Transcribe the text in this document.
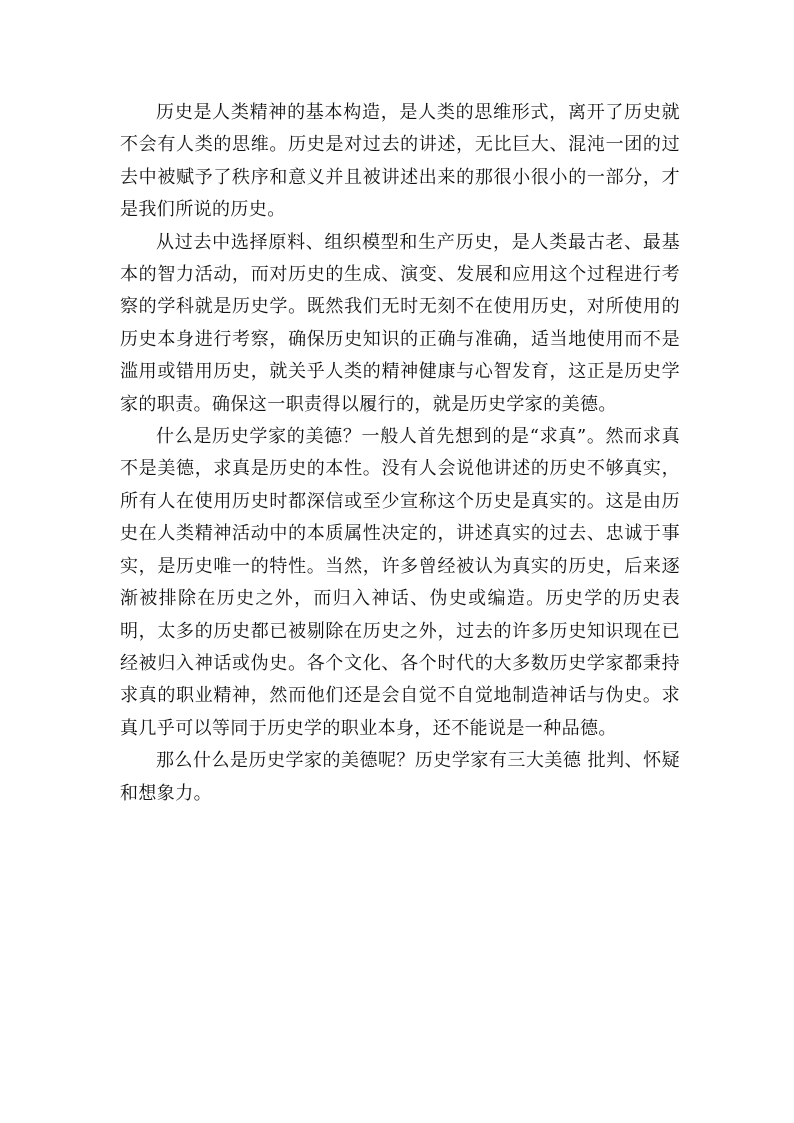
历史是人类精神的基本构造，是人类的思维形式，离开了历史就不会有人类的思维。历史是对过去的讲述，无比巨大、混沌一团的过去中被赋予了秩序和意义并且被讲述出来的那很小很小的一部分，才是我们所说的历史。

从过去中选择原料、组织模型和生产历史，是人类最古老、最基本的智力活动，而对历史的生成、演变、发展和应用这个过程进行考察的学科就是历史学。既然我们无时无刻不在使用历史，对所使用的历史本身进行考察，确保历史知识的正确与准确，适当地使用而不是滥用或错用历史，就关乎人类的精神健康与心智发育，这正是历史学家的职责。确保这一职责得以履行的，就是历史学家的美德。

什么是历史学家的美德？一般人首先想到的是“求真”。然而求真不是美德，求真是历史的本性。没有人会说他讲述的历史不够真实，所有人在使用历史时都深信或至少宣称这个历史是真实的。这是由历史在人类精神活动中的本质属性决定的，讲述真实的过去、忠诚于事实，是历史唯一的特性。当然，许多曾经被认为真实的历史，后来逐渐被排除在历史之外，而归入神话、伪史或编造。历史学的历史表明，太多的历史都已被剔除在历史之外，过去的许多历史知识现在已经被归入神话或伪史。各个文化、各个时代的大多数历史学家都秉持求真的职业精神，然而他们还是会自觉不自觉地制造神话与伪史。求真几乎可以等同于历史学的职业本身，还不能说是一种品德。

那么什么是历史学家的美德呢？历史学家有三大美德 批判、怀疑和想象力。
